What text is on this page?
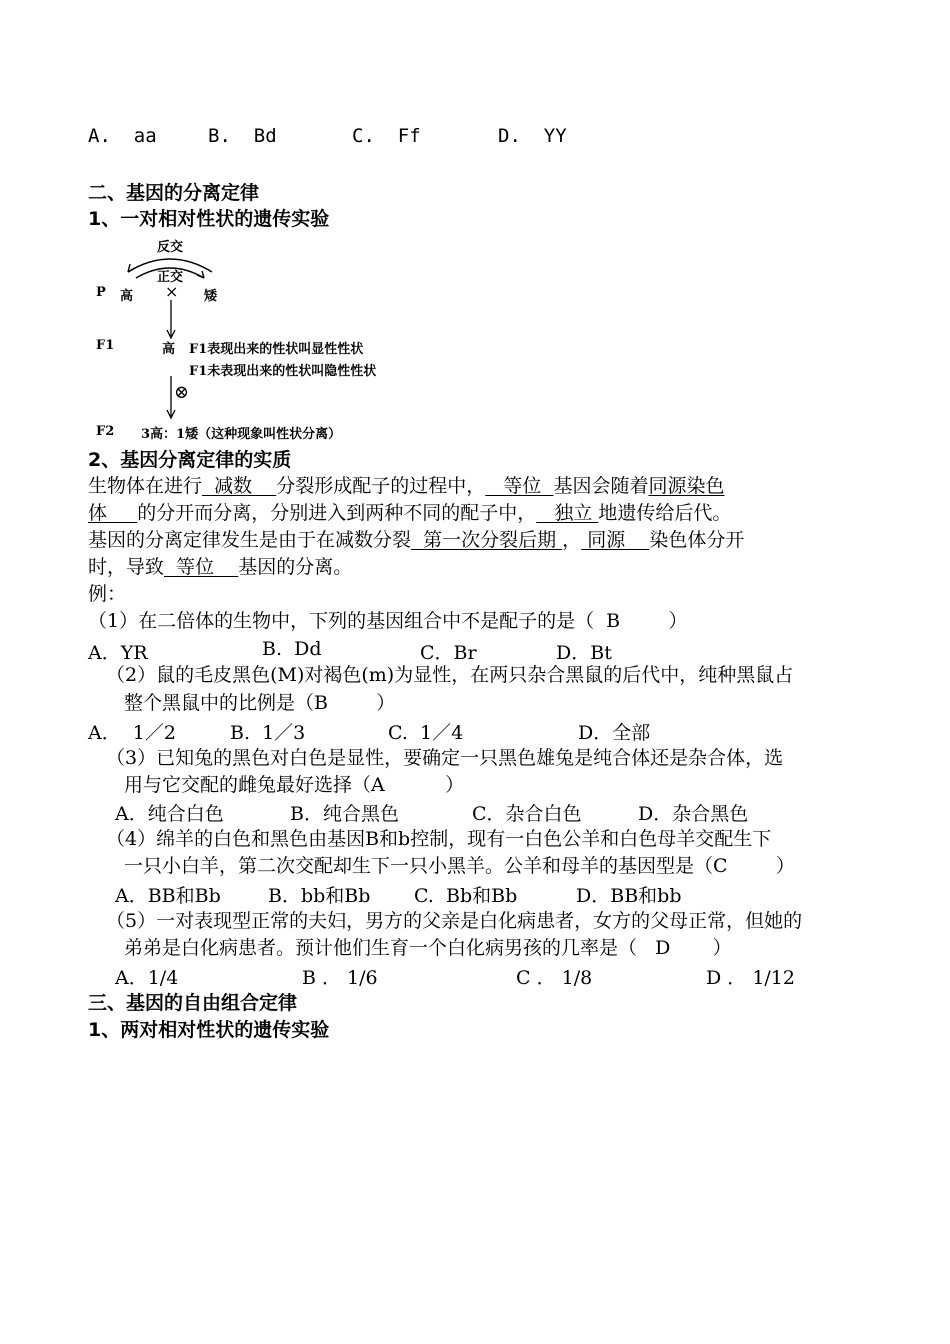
A.  aa	B.  Bd	C.  Ff	D.  YY
二、基因的分离定律
1、一对相对性状的遗传实验
反交
正交
P 高 × 矮
F1	高 F1表现出来的性状叫显性性状
F1未表现出来的性状叫隐性性状
⊗
F2 3高：1矮（这种现象叫性状分离）
2、基因分离定律的实质
生物体在进行  减数    分裂形成配子的过程中，   等位  基因会随着同源染色
体     的分开而分离，分别进入到两种不同的配子中，   独立 地遗传给后代。
基因的分离定律发生是由于在减数分裂  第一次分裂后期 ， 同源    染色体分开
时，导致  等位    基因的分离。
例：
（1）在二倍体的生物中，下列的基因组合中不是配子的是（  B        ）
A．YR	B.  Dd	C．Br	D．Bt
（2）鼠的毛皮黑色(M)对褐色(m)为显性，在两只杂合黑鼠的后代中，纯种黑鼠占
整个黑鼠中的比例是（B        ）
A．  1／2	B.  1／3	C.  1／4	D．全部
（3）已知兔的黑色对白色是显性，要确定一只黑色雄兔是纯合体还是杂合体，选
用与它交配的雌兔最好选择（A          ）
A．纯合白色	B．纯合黑色	C．杂合白色	D．杂合黑色
（4）绵羊的白色和黑色由基因B和b控制，现有一白色公羊和白色母羊交配生下
一只小白羊，第二次交配却生下一只小黑羊。公羊和母羊的基因型是（C        ）
A．BB和Bb B．bb和Bb C.  Bb和Bb	D．BB和bb
（5）一对表现型正常的夫妇，男方的父亲是白化病患者，女方的父母正常，但她的
弟弟是白化病患者。预计他们生育一个白化病男孩的几率是（   D       ）
A．1/4	B ． 1/6	C ． 1/8	D ． 1/12
三、基因的自由组合定律
1、两对相对性状的遗传实验
